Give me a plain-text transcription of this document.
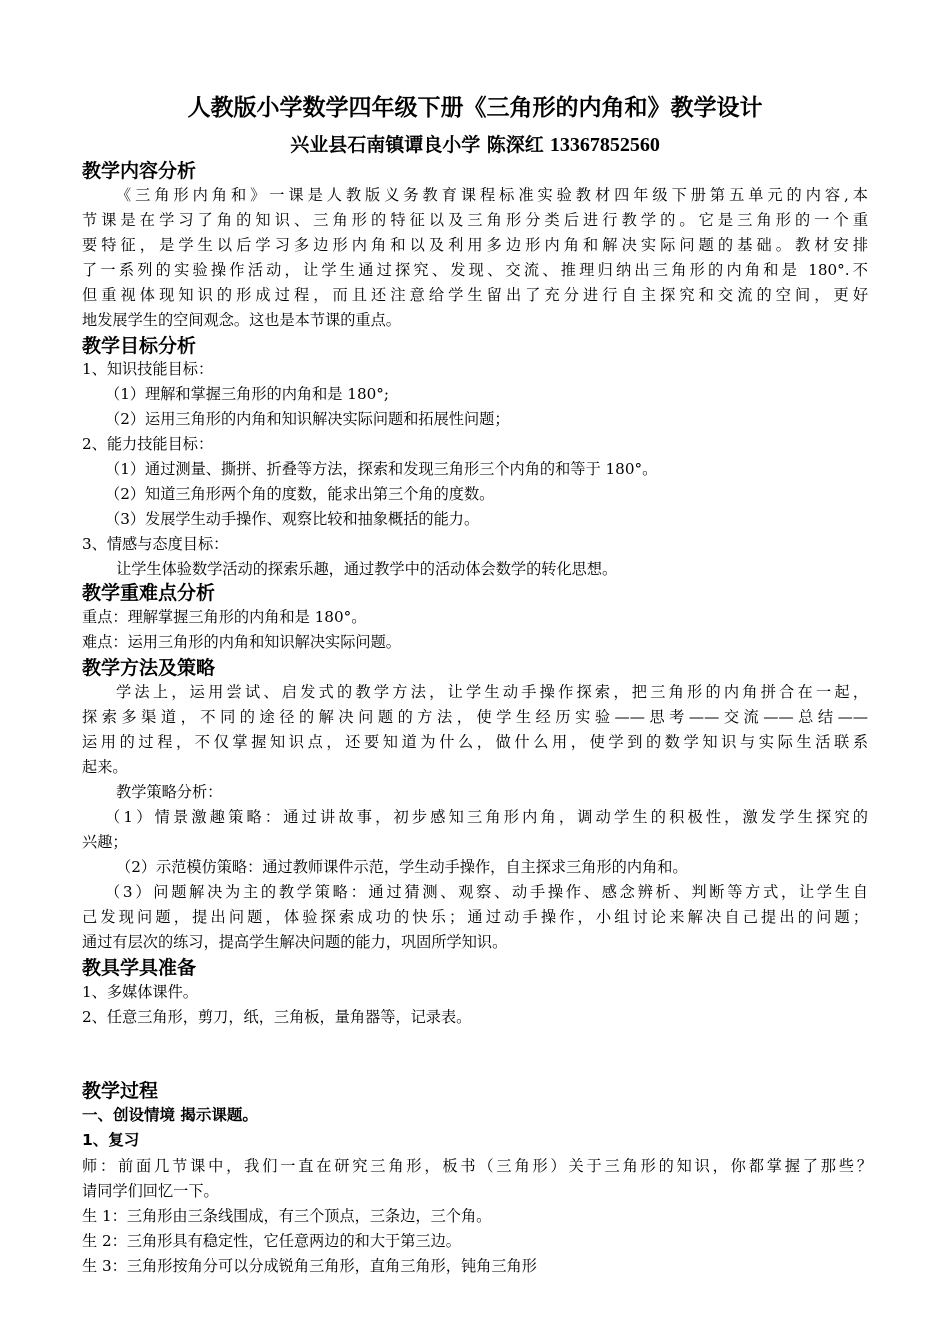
人教版小学数学四年级下册《三角形的内角和》教学设计
兴业县石南镇谭良小学 陈深红 13367852560
教学内容分析
《三角形内角和》一课是人教版义务教育课程标准实验教材四年级下册第五单元的内容,本
节课是在学习了角的知识、三角形的特征以及三角形分类后进行教学的。它是三角形的一个重
要特征，是学生以后学习多边形内角和以及利用多边形内角和解决实际问题的基础。教材安排
了一系列的实验操作活动，让学生通过探究、发现、交流、推理归纳出三角形的内角和是 180°.不
但重视体现知识的形成过程，而且还注意给学生留出了充分进行自主探究和交流的空间，更好
地发展学生的空间观念。这也是本节课的重点。
教学目标分析
1、知识技能目标：
（1）理解和掌握三角形的内角和是 180°;
（2）运用三角形的内角和知识解决实际问题和拓展性问题；
2、能力技能目标：
（1）通过测量、撕拼、折叠等方法，探索和发现三角形三个内角的和等于 180°。
（2）知道三角形两个角的度数，能求出第三个角的度数。
（3）发展学生动手操作、观察比较和抽象概括的能力。
3、情感与态度目标：
让学生体验数学活动的探索乐趣，通过教学中的活动体会数学的转化思想。
教学重难点分析
重点：理解掌握三角形的内角和是 180°。
难点：运用三角形的内角和知识解决实际问题。
教学方法及策略
学法上，运用尝试、启发式的教学方法，让学生动手操作探索，把三角形的内角拼合在一起，
探索多渠道，不同的途径的解决问题的方法，使学生经历实验——思考——交流——总结——
运用的过程，不仅掌握知识点，还要知道为什么，做什么用，使学到的数学知识与实际生活联系
起来。
教学策略分析：
（1）情景激趣策略：通过讲故事，初步感知三角形内角，调动学生的积极性，激发学生探究的
兴趣；
（2）示范模仿策略：通过教师课件示范，学生动手操作，自主探求三角形的内角和。
（3）问题解决为主的教学策略：通过猜测、观察、动手操作、感念辨析、判断等方式，让学生自
己发现问题，提出问题，体验探索成功的快乐；通过动手操作，小组讨论来解决自己提出的问题；
通过有层次的练习，提高学生解决问题的能力，巩固所学知识。
教具学具准备
1、多媒体课件。
2、任意三角形，剪刀，纸，三角板，量角器等，记录表。
教学过程
一、创设情境 揭示课题。
1、复习
师：前面几节课中，我们一直在研究三角形，板书（三角形）关于三角形的知识，你都掌握了那些？
请同学们回忆一下。
生 1：三角形由三条线围成，有三个顶点，三条边，三个角。
生 2：三角形具有稳定性，它任意两边的和大于第三边。
生 3：三角形按角分可以分成锐角三角形，直角三角形，钝角三角形
